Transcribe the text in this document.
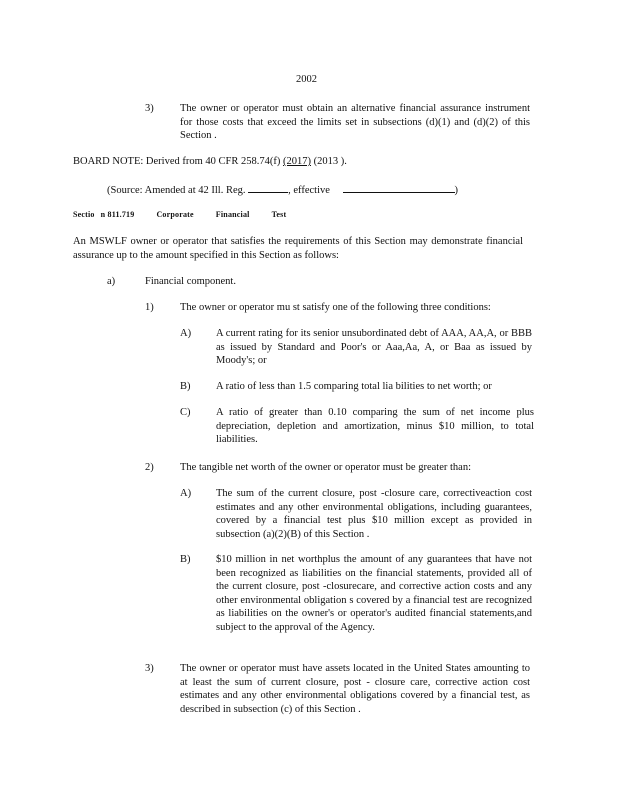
2002
3)	The owner or operator must obtain an alternative financial assurance instrument for those costs that exceed the limits set in subsections (d)(1) and (d)(2) of this Section .
BOARD NOTE: Derived from 40 CFR 258.74(f) (2017) (2013 ).
(Source: Amended at 42 Ill. Reg.	, effective	)
Sectio n 811.719	Corporate	Financial	Test
An MSWLF owner or operator that satisfies the requirements of this Section may demonstrate financial assurance up to the amount specified in this Section as follows:
a)	Financial component.
1)	The owner or operator mu st satisfy one of the following three conditions:
A) A current rating for its senior unsubordinated debt of AAA, AA,A, or BBB as issued by Standard and Poor's or Aaa,Aa, A, or Baa as issued by Moody's; or
B) A ratio of less than 1.5 comparing total lia bilities to net worth; or
C) A ratio of greater than 0.10 comparing the sum of net income plus depreciation, depletion and amortization, minus $10 million, to total liabilities.
2)	The tangible net worth of the owner or operator must be greater than:
A) The sum of the current closure, post -closure care, correctiveaction cost estimates and any other environmental obligations, including guarantees, covered by a financial test plus $10 million except as provided in subsection (a)(2)(B) of this Section .
B) $10 million in net worthplus the amount of any guarantees that have not been recognized as liabilities on the financial statements, provided all of the current closure, post -closurecare, and corrective action costs and any other environmental obligation s covered by a financial test are recognized as liabilities on the owner's or operator's audited financial statements,and subject to the approval of the Agency.
3)	The owner or operator must have assets located in the United States amounting to at least the sum of current closure, post - closure care, corrective action cost estimates and any other environmental obligations covered by a financial test, as described in subsection (c) of this Section .
